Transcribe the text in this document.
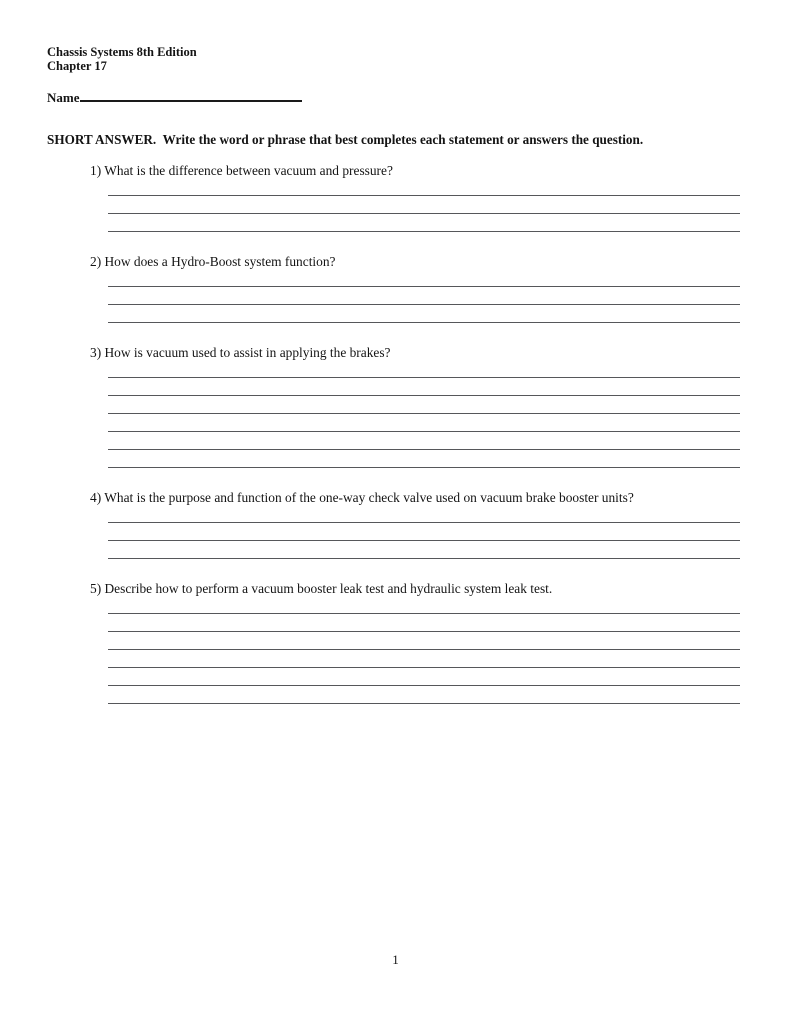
Chassis Systems 8th Edition
Chapter 17
Name
SHORT ANSWER.  Write the word or phrase that best completes each statement or answers the question.
1) What is the difference between vacuum and pressure?
2) How does a Hydro-Boost system function?
3) How is vacuum used to assist in applying the brakes?
4) What is the purpose and function of the one-way check valve used on vacuum brake booster units?
5) Describe how to perform a vacuum booster leak test and hydraulic system leak test.
1
